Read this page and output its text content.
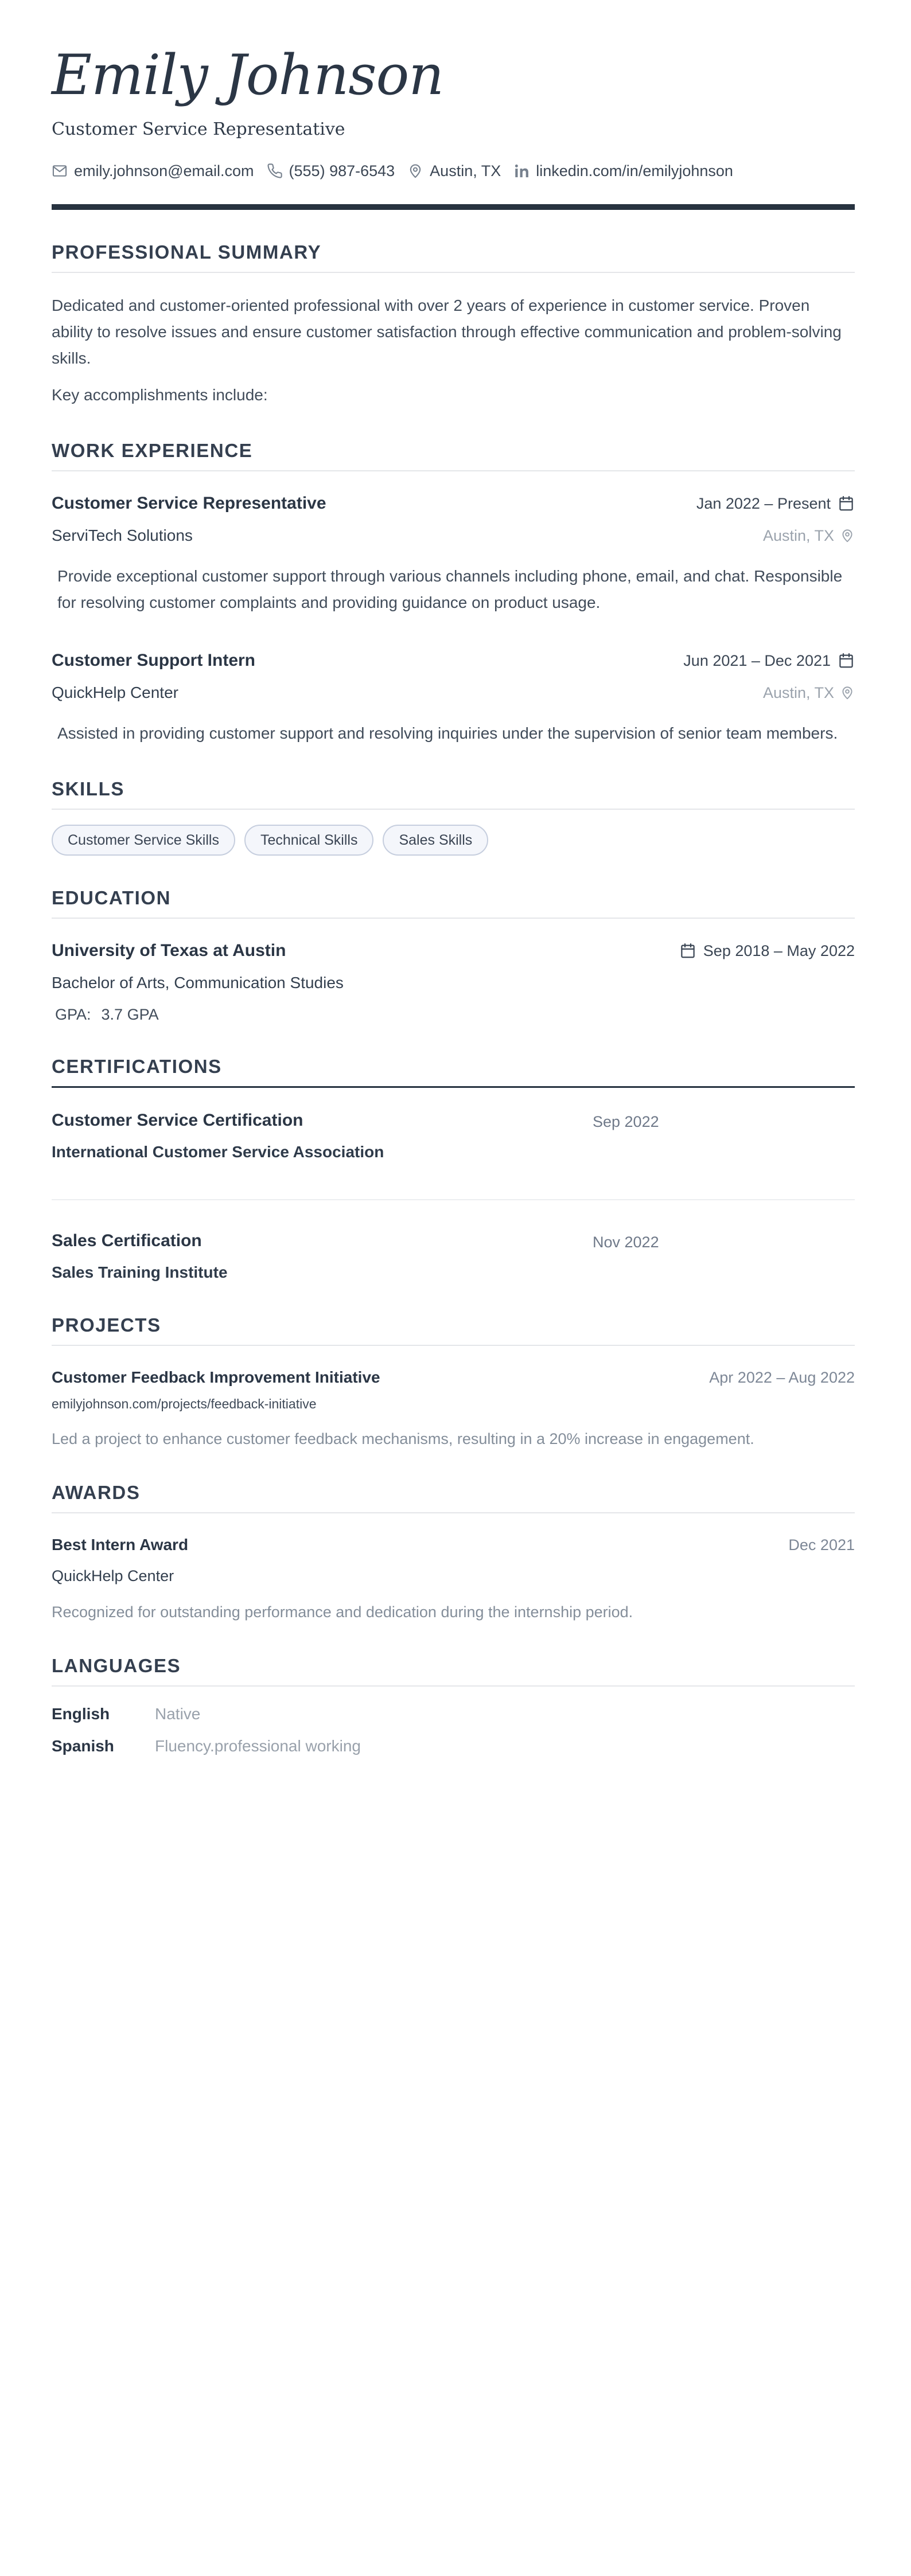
Emily Johnson
Customer Service Representative
emily.johnson@email.com (555) 987-6543 Austin, TX linkedin.com/in/emilyjohnson
PROFESSIONAL SUMMARY

Dedicated and customer-oriented professional with over 2 years of experience in customer service. Proven ability to resolve issues and ensure customer satisfaction through effective communication and problem-solving skills.

Key accomplishments include:

WORK EXPERIENCE
Customer Service Representative	Jan 2022 – Present
ServiTech Solutions	Austin, TX

Provide exceptional customer support through various channels including phone, email, and chat. Responsible for resolving customer complaints and providing guidance on product usage.

Customer Support Intern	Jun 2021 – Dec 2021
QuickHelp Center	Austin, TX

Assisted in providing customer support and resolving inquiries under the supervision of senior team members.

SKILLS
Customer Service Skills	Technical Skills	Sales Skills
EDUCATION
University of Texas at Austin	Sep 2018 – May 2022
Bachelor of Arts, Communication Studies
GPA: 3.7 GPA
CERTIFICATIONS
Customer Service Certification
International Customer Service Association
Sep 2022
Sales Certification
Sales Training Institute
Nov 2022
PROJECTS
Customer Feedback Improvement Initiative	Apr 2022 – Aug 2022
emilyjohnson.com/projects/feedback-initiative

Led a project to enhance customer feedback mechanisms, resulting in a 20% increase in engagement.

AWARDS
Best Intern Award	Dec 2021
QuickHelp Center

Recognized for outstanding performance and dedication during the internship period.

LANGUAGES
English	Native
Spanish	Fluency.professional working
